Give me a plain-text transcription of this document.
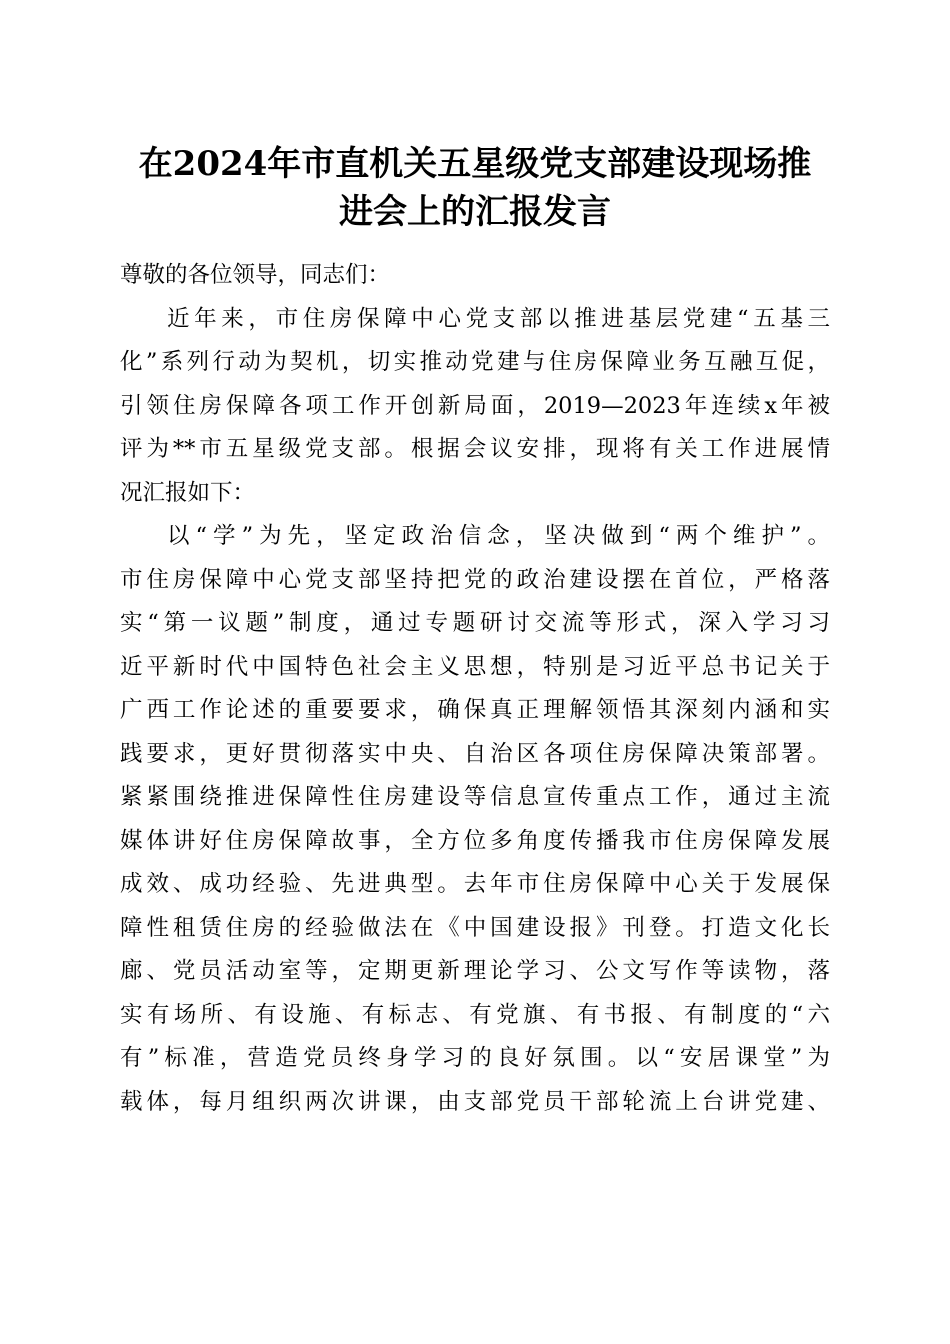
在2024年市直机关五星级党支部建设现场推
进会上的汇报发言
尊敬的各位领导，同志们：
近年来，市住房保障中心党支部以推进基层党建“五基三
化”系列行动为契机，切实推动党建与住房保障业务互融互促，
引领住房保障各项工作开创新局面，2019—2023年连续x年被
评为**市五星级党支部。根据会议安排，现将有关工作进展情
况汇报如下：
以“学”为先，坚定政治信念，坚决做到“两个维护”。
市住房保障中心党支部坚持把党的政治建设摆在首位，严格落
实“第一议题”制度，通过专题研讨交流等形式，深入学习习
近平新时代中国特色社会主义思想，特别是习近平总书记关于
广西工作论述的重要要求，确保真正理解领悟其深刻内涵和实
践要求，更好贯彻落实中央、自治区各项住房保障决策部署。
紧紧围绕推进保障性住房建设等信息宣传重点工作，通过主流
媒体讲好住房保障故事，全方位多角度传播我市住房保障发展
成效、成功经验、先进典型。去年市住房保障中心关于发展保
障性租赁住房的经验做法在《中国建设报》刊登。打造文化长
廊、党员活动室等，定期更新理论学习、公文写作等读物，落
实有场所、有设施、有标志、有党旗、有书报、有制度的“六
有”标准，营造党员终身学习的良好氛围。以“安居课堂”为
载体，每月组织两次讲课，由支部党员干部轮流上台讲党建、
